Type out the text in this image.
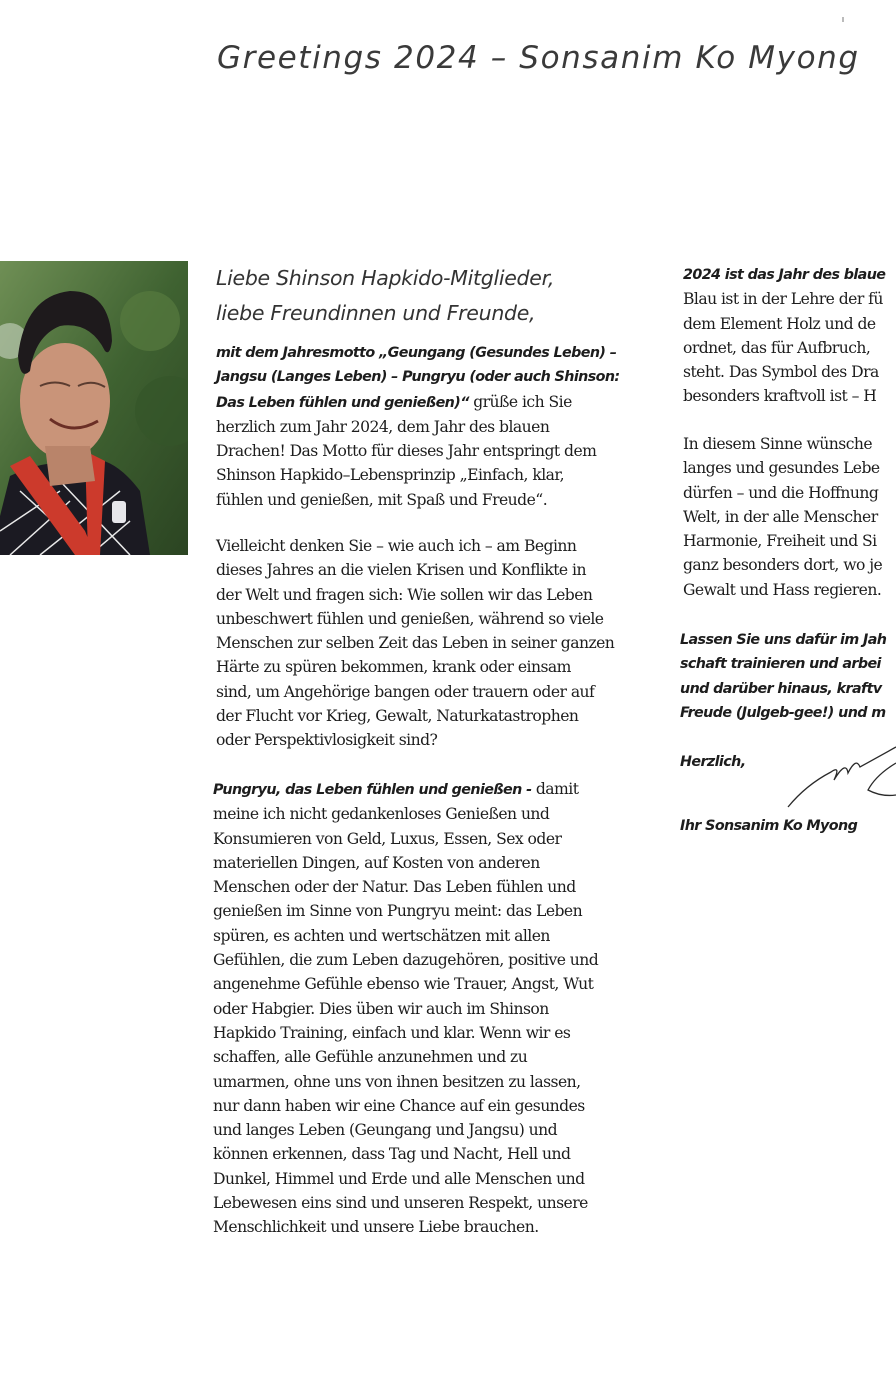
Greetings 2024 – Sonsanim Ko Myong
Liebe Shinson Hapkido-Mitglieder,
liebe Freundinnen und Freunde,
mit dem Jahresmotto „Geungang (Gesundes Leben) –
Jangsu (Langes Leben) – Pungryu (oder auch Shinson:
Das Leben fühlen und genießen)“ grüße ich Sie
herzlich zum Jahr 2024, dem Jahr des blauen
Drachen! Das Motto für dieses Jahr entspringt dem
Shinson Hapkido–Lebensprinzip „Einfach, klar,
fühlen und genießen, mit Spaß und Freude“.
Vielleicht denken Sie – wie auch ich – am Beginn
dieses Jahres an die vielen Krisen und Konflikte in
der Welt und fragen sich: Wie sollen wir das Leben
unbeschwert fühlen und genießen, während so viele
Menschen zur selben Zeit das Leben in seiner ganzen
Härte zu spüren bekommen, krank oder einsam
sind, um Angehörige bangen oder trauern oder auf
der Flucht vor Krieg, Gewalt, Naturkatastrophen
oder Perspektivlosigkeit sind?
Pungryu, das Leben fühlen und genießen - damit
meine ich nicht gedankenloses Genießen und
Konsumieren von Geld, Luxus, Essen, Sex oder
materiellen Dingen, auf Kosten von anderen
Menschen oder der Natur. Das Leben fühlen und
genießen im Sinne von Pungryu meint: das Leben
spüren, es achten und wertschätzen mit allen
Gefühlen, die zum Leben dazugehören, positive und
angenehme Gefühle ebenso wie Trauer, Angst, Wut
oder Habgier. Dies üben wir auch im Shinson
Hapkido Training, einfach und klar. Wenn wir es
schaffen, alle Gefühle anzunehmen und zu
umarmen, ohne uns von ihnen besitzen zu lassen,
nur dann haben wir eine Chance auf ein gesundes
und langes Leben (Geungang und Jangsu) und
können erkennen, dass Tag und Nacht, Hell und
Dunkel, Himmel und Erde und alle Menschen und
Lebewesen eins sind und unseren Respekt, unsere
Menschlichkeit und unsere Liebe brauchen.
2024 ist das Jahr des blaue
Blau ist in der Lehre der fü
dem Element Holz und de
ordnet, das für Aufbruch,
steht. Das Symbol des Dra
besonders kraftvoll ist – H
In diesem Sinne wünsche
langes und gesundes Lebe
dürfen – und die Hoffnung
Welt, in der alle Menscher
Harmonie, Freiheit und Si
ganz besonders dort, wo je
Gewalt und Hass regieren.
Lassen Sie uns dafür im Jah
schaft trainieren und arbei
und darüber hinaus, kraftv
Freude (Julgeb-gee!) und m
Herzlich,
Ihr Sonsanim Ko Myong
